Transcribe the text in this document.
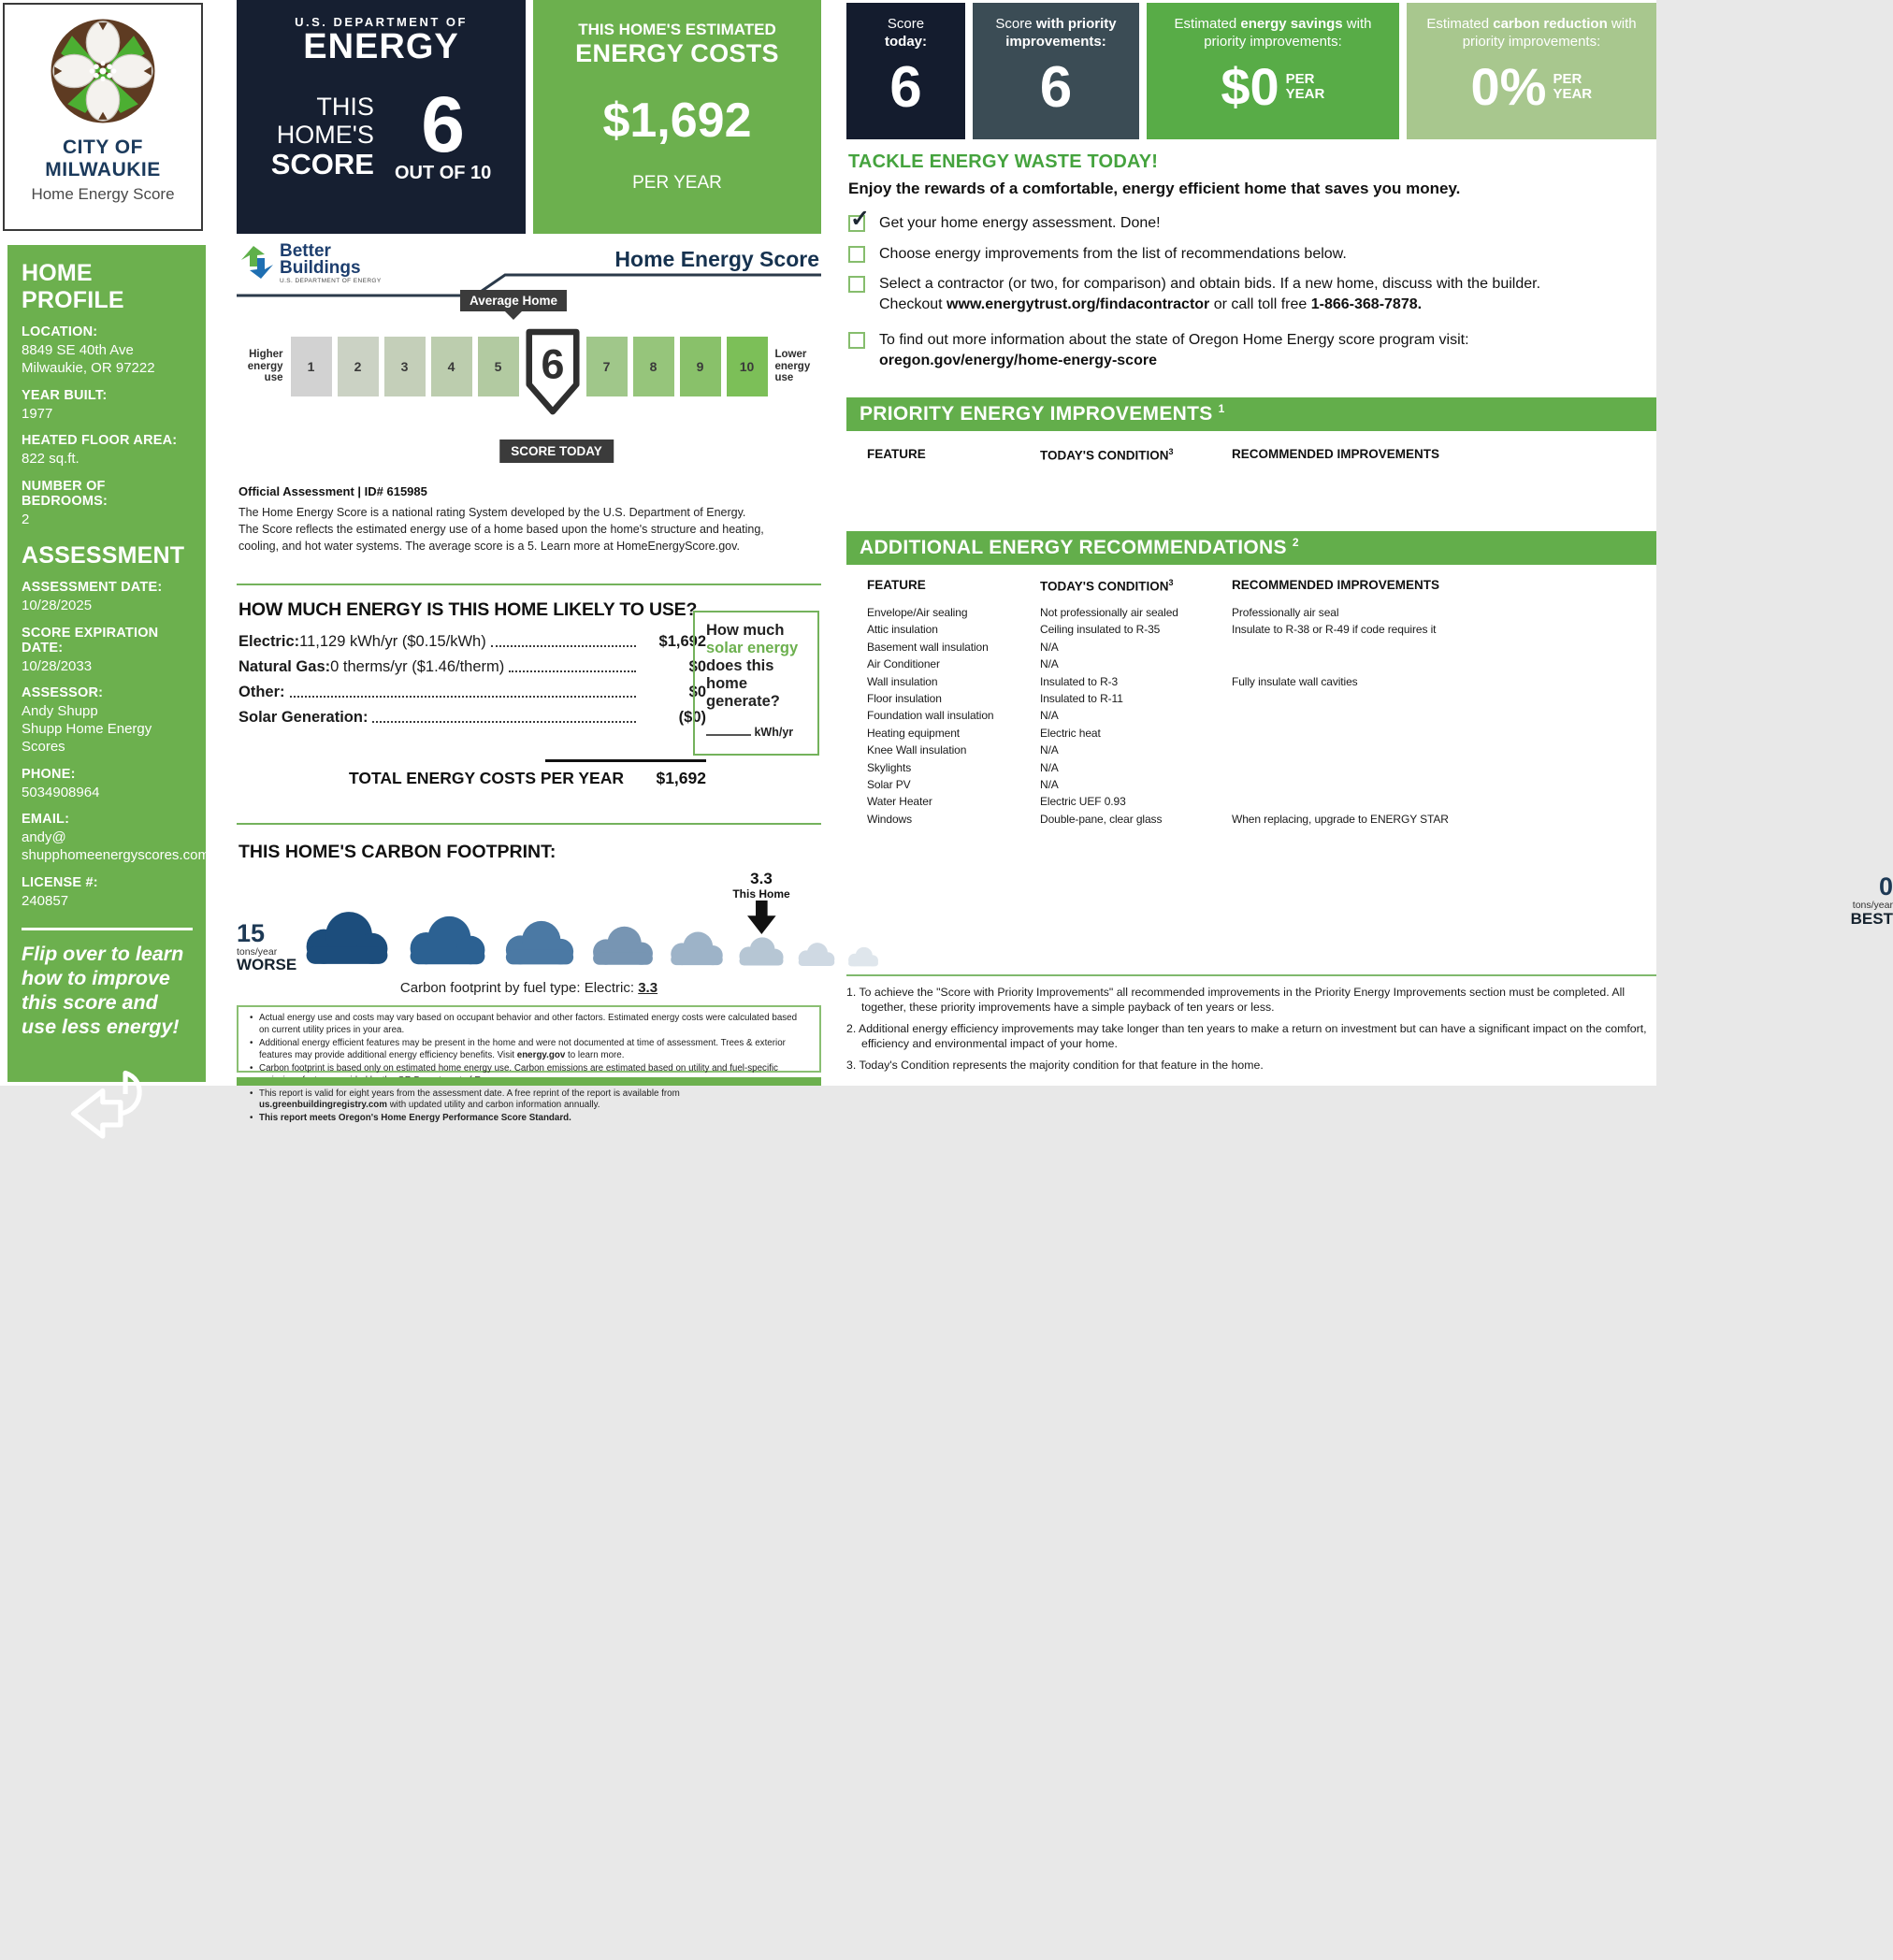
CITY OF MILWAUKIE
Home Energy Score
HOME PROFILE
LOCATION:
8849 SE 40th Ave
Milwaukie, OR 97222
YEAR BUILT:
1977
HEATED FLOOR AREA:
822 sq.ft.
NUMBER OF BEDROOMS:
2
ASSESSMENT
ASSESSMENT DATE:
10/28/2025
SCORE EXPIRATION DATE:
10/28/2033
ASSESSOR:
Andy Shupp
Shupp Home Energy Scores
PHONE:
5034908964
EMAIL:
andy@
shupphomeenergyscores.com
LICENSE #:
240857
Flip over to learn how to improve this score and use less energy!
U.S. DEPARTMENT OF
ENERGY
THIS
HOME'S
SCORE 6
OUT OF 10
THIS HOME'S ESTIMATED
ENERGY COSTS
$1,692
PER YEAR
Better
Buildings
U.S. DEPARTMENT OF ENERGY
Home Energy Score
Average Home
Higher
energy
use
1	2	3	4	5 6	7	8	9	10
Lower
energy
use
SCORE TODAY
Official Assessment | ID# 615985
The Home Energy Score is a national rating System developed by the U.S. Department of Energy. The Score reflects the estimated energy use of a home based upon the home's structure and heating, cooling, and hot water systems. The average score is a 5. Learn more at HomeEnergyScore.gov.
HOW MUCH ENERGY IS THIS HOME LIKELY TO USE?
Electric: 11,129 kWh/yr ($0.15/kWh)	$1,692
Natural Gas: 0 therms/yr ($1.46/therm)	$0
Other:	$0
Solar Generation:	($0)
TOTAL ENERGY COSTS PER YEAR $1,692
How much
solar energy
does this home generate?
kWh/yr
THIS HOME'S CARBON FOOTPRINT:
15
tons/year
WORSE
3.3
This Home	0
tons/year
BEST
Carbon footprint by fuel type: Electric: 3.3
• Actual energy use and costs may vary based on occupant behavior and other factors. Estimated energy costs were calculated based on current utility prices in your area.
• Additional energy efficient features may be present in the home and were not documented at time of assessment. Trees & exterior features may provide additional energy efficiency benefits. Visit energy.gov to learn more.
• Carbon footprint is based only on estimated home energy use. Carbon emissions are estimated based on utility and fuel-specific
• This report is valid for eight years from the assessment date. A free reprint of the report is available from us.greenbuildingregistry.com with updated utility and carbon information annually.
• This report meets Oregon's Home Energy Performance Score Standard.
Score
today:
6
Score with priority improvements:
6
Estimated energy savings with priority improvements:
$0 PER YEAR
Estimated carbon reduction with priority improvements:
0% PER YEAR
TACKLE ENERGY WASTE TODAY!
Enjoy the rewards of a comfortable, energy efficient home that saves you money.
✓ Get your home energy assessment. Done!
Choose energy improvements from the list of recommendations below.
Select a contractor (or two, for comparison) and obtain bids. If a new home, discuss with the builder.
Checkout www.energytrust.org/findacontractor or call toll free 1-866-368-7878.
To find out more information about the state of Oregon Home Energy score program visit:
oregon.gov/energy/home-energy-score
PRIORITY ENERGY IMPROVEMENTS $^1$
FEATURE	TODAY'S CONDITION$^3$	RECOMMENDED IMPROVEMENTS
ADDITIONAL ENERGY RECOMMENDATIONS $^2$
FEATURE	TODAY'S CONDITION$^3$	RECOMMENDED IMPROVEMENTS
Envelope/Air sealing	Not professionally air sealed	Professionally air seal
Attic insulation	Ceiling insulated to R-35	Insulate to R-38 or R-49 if code requires it
Basement wall insulation	N/A
Air Conditioner	N/A
Wall insulation	Insulated to R-3	Fully insulate wall cavities
Floor insulation	Insulated to R-11
Foundation wall insulation	N/A
Heating equipment	Electric heat
Knee Wall insulation	N/A
Skylights	N/A
Solar PV	N/A
Water Heater	Electric UEF 0.93
Windows	Double-pane, clear glass	When replacing, upgrade to ENERGY STAR

1. To achieve the "Score with Priority Improvements" all recommended improvements in the Priority Energy Improvements section must be completed. All together, these priority improvements have a simple payback of ten years or less.

2. Additional energy efficiency improvements may take longer than ten years to make a return on investment but can have a significant impact on the comfort, efficiency and environmental impact of your home.

3. Today's Condition represents the majority condition for that feature in the home.
